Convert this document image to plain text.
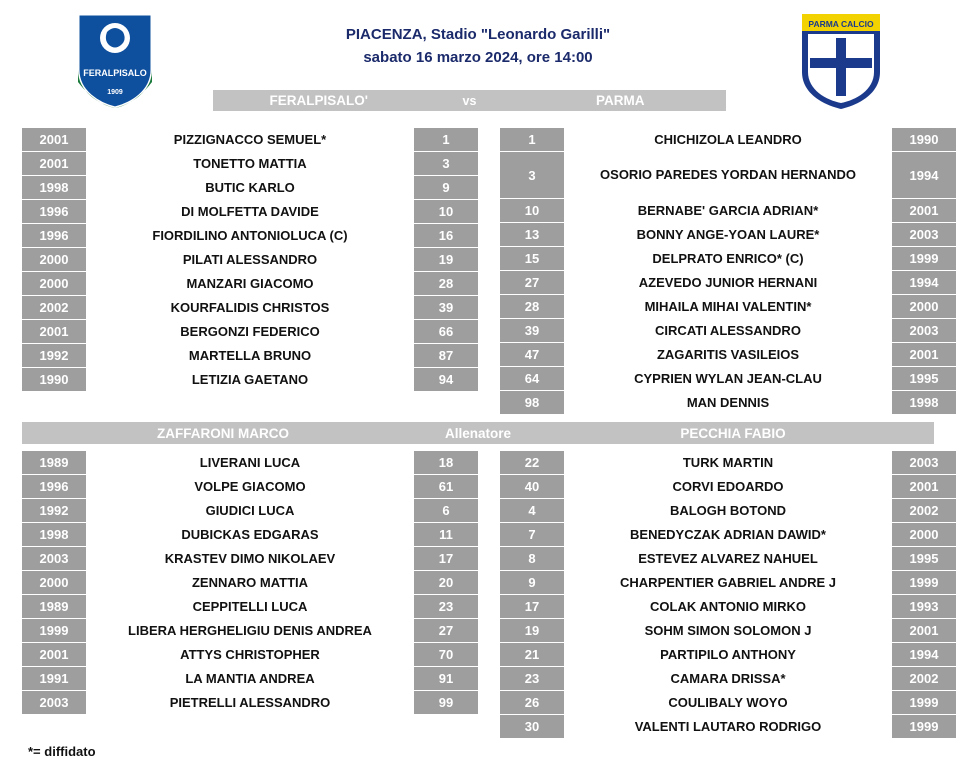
FERALPISALO
1909
PARMA CALCIO
PIACENZA, Stadio "Leonardo Garilli"
sabato 16 marzo 2024, ore 14:00
FERALPISALO'	vs	PARMA
2001	PIZZIGNACCO SEMUEL*	1
2001	TONETTO MATTIA	3
1998	BUTIC KARLO	9
1996	DI MOLFETTA DAVIDE	10
1996	FIORDILINO ANTONIOLUCA (C)	16
2000	PILATI ALESSANDRO	19
2000	MANZARI GIACOMO	28
2002	KOURFALIDIS CHRISTOS	39
2001	BERGONZI FEDERICO	66
1992	MARTELLA BRUNO	87
1990	LETIZIA GAETANO	94
1	CHICHIZOLA LEANDRO	1990
3	OSORIO PAREDES YORDAN HERNANDO	1994
10	BERNABE' GARCIA ADRIAN*	2001
13	BONNY ANGE-YOAN LAURE*	2003
15	DELPRATO ENRICO* (C)	1999
27	AZEVEDO JUNIOR HERNANI	1994
28	MIHAILA MIHAI VALENTIN*	2000
39	CIRCATI ALESSANDRO	2003
47	ZAGARITIS VASILEIOS	2001
64	CYPRIEN WYLAN JEAN-CLAU	1995
98	MAN DENNIS	1998
ZAFFARONI MARCO	Allenatore	PECCHIA FABIO
1989	LIVERANI LUCA	18
1996	VOLPE GIACOMO	61
1992	GIUDICI LUCA	6
1998	DUBICKAS EDGARAS	11
2003	KRASTEV DIMO NIKOLAEV	17
2000	ZENNARO MATTIA	20
1989	CEPPITELLI LUCA	23
1999	LIBERA HERGHELIGIU DENIS ANDREA	27
2001	ATTYS CHRISTOPHER	70
1991	LA MANTIA ANDREA	91
2003	PIETRELLI ALESSANDRO	99
22	TURK MARTIN	2003
40	CORVI EDOARDO	2001
4	BALOGH BOTOND	2002
7	BENEDYCZAK ADRIAN DAWID*	2000
8	ESTEVEZ ALVAREZ NAHUEL	1995
9	CHARPENTIER GABRIEL ANDRE J	1999
17	COLAK ANTONIO MIRKO	1993
19	SOHM SIMON SOLOMON J	2001
21	PARTIPILO ANTHONY	1994
23	CAMARA DRISSA*	2002
26	COULIBALY WOYO	1999
30	VALENTI LAUTARO RODRIGO	1999
*= diffidato
